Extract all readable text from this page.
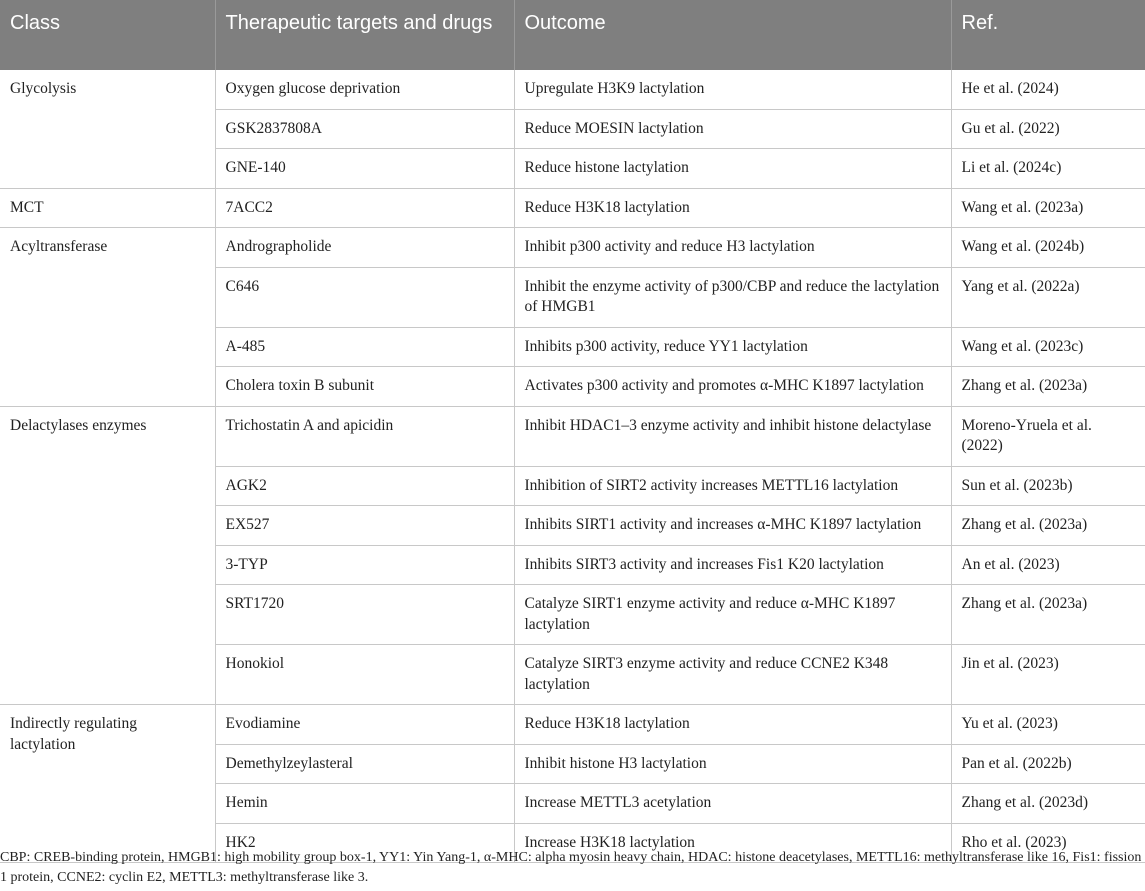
Class	Therapeutic targets and drugs	Outcome	Ref.
Glycolysis	Oxygen glucose deprivation	Upregulate H3K9 lactylation	He et al. (2024)
	GSK2837808A	Reduce MOESIN lactylation	Gu et al. (2022)
	GNE-140	Reduce histone lactylation	Li et al. (2024c)
MCT	7ACC2	Reduce H3K18 lactylation	Wang et al. (2023a)
Acyltransferase	Andrographolide	Inhibit p300 activity and reduce H3 lactylation	Wang et al. (2024b)
	C646	Inhibit the enzyme activity of p300/CBP and reduce the lactylation of HMGB1	Yang et al. (2022a)
	A-485	Inhibits p300 activity, reduce YY1 lactylation	Wang et al. (2023c)
	Cholera toxin B subunit	Activates p300 activity and promotes α-MHC K1897 lactylation	Zhang et al. (2023a)
Delactylases enzymes	Trichostatin A and apicidin	Inhibit HDAC1–3 enzyme activity and inhibit histone delactylase	Moreno-Yruela et al. (2022)
	AGK2	Inhibition of SIRT2 activity increases METTL16 lactylation	Sun et al. (2023b)
	EX527	Inhibits SIRT1 activity and increases α-MHC K1897 lactylation	Zhang et al. (2023a)
	3-TYP	Inhibits SIRT3 activity and increases Fis1 K20 lactylation	An et al. (2023)
	SRT1720	Catalyze SIRT1 enzyme activity and reduce α-MHC K1897 lactylation	Zhang et al. (2023a)
	Honokiol	Catalyze SIRT3 enzyme activity and reduce CCNE2 K348 lactylation	Jin et al. (2023)
Indirectly regulating lactylation	Evodiamine	Reduce H3K18 lactylation	Yu et al. (2023)
	Demethylzeylasteral	Inhibit histone H3 lactylation	Pan et al. (2022b)
	Hemin	Increase METTL3 acetylation	Zhang et al. (2023d)
	HK2	Increase H3K18 lactylation	Rho et al. (2023)
CBP: CREB-binding protein, HMGB1: high mobility group box-1, YY1: Yin Yang-1, α-MHC: alpha myosin heavy chain, HDAC: histone deacetylases, METTL16: methyltransferase like 16, Fis1: fission 1 protein, CCNE2: cyclin E2, METTL3: methyltransferase like 3.
